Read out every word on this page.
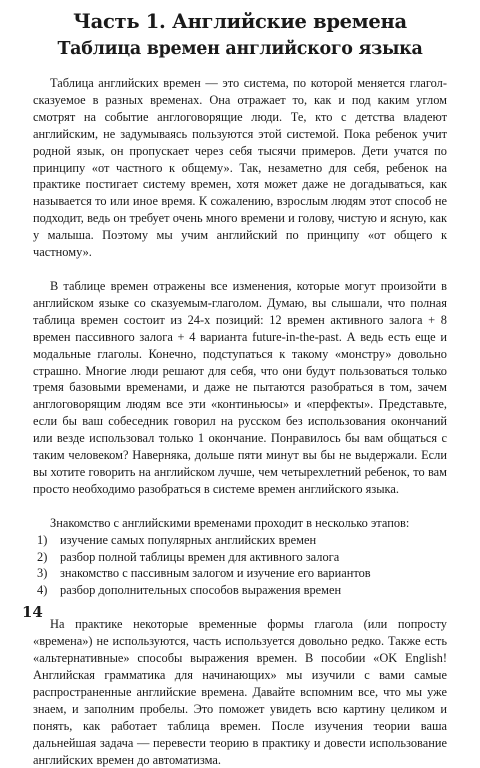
Часть 1. Английские времена
Таблица времен английского языка

Таблица английских времен — это система, по которой меняется глагол-сказуемое в разных временах. Она отражает то, как и под каким углом смотрят на событие англоговорящие люди. Те, кто с детства владеют английским, не задумываясь пользуются этой системой. Пока ребенок учит родной язык, он пропускает через себя тысячи примеров. Дети учатся по принципу «от частного к общему». Так, незаметно для себя, ребенок на практике постигает систему времен, хотя может даже не догадываться, как называется то или иное время. К сожалению, взрослым людям этот способ не подходит, ведь он требует очень много времени и голову, чистую и ясную, как у малыша. Поэтому мы учим английский по принципу «от общего к частному».

В таблице времен отражены все изменения, которые могут произойти в английском языке со сказуемым-глаголом. Думаю, вы слышали, что полная таблица времен состоит из 24-х позиций: 12 времен активного залога + 8 времен пассивного залога + 4 варианта future-in-the-past. А ведь есть еще и модальные глаголы. Конечно, подступаться к такому «монстру» довольно страшно. Многие люди решают для себя, что они будут пользоваться только тремя базовыми временами, и даже не пытаются разобраться в том, зачем англоговорящим людям все эти «континьюсы» и «перфекты». Представьте, если бы ваш собеседник говорил на русском без использования окончаний или везде использовал только 1 окончание. Понравилось бы вам общаться с таким человеком? Наверняка, дольше пяти минут вы бы не выдержали. Если вы хотите говорить на английском лучше, чем четырехлетний ребенок, то вам просто необходимо разобраться в системе времен английского языка.

Знакомство с английскими временами проходит в несколько этапов:

1)	изучение самых популярных английских времен
2)	разбор полной таблицы времен для активного залога
3)	знакомство с пассивным залогом и изучение его вариантов
4)	разбор дополнительных способов выражения времен

На практике некоторые временные формы глагола (или попросту «времена») не используются, часть используется довольно редко. Также есть «альтернативные» способы выражения времен. В пособии «OK English! Английская грамматика для начинающих» мы изучили с вами самые распространенные английские времена. Давайте вспомним все, что мы уже знаем, и заполним пробелы. Это поможет увидеть всю картину целиком и понять, как работает таблица времен. После изучения теории ваша дальнейшая задача — перевести теорию в практику и довести использование английских времен до автоматизма.

14
